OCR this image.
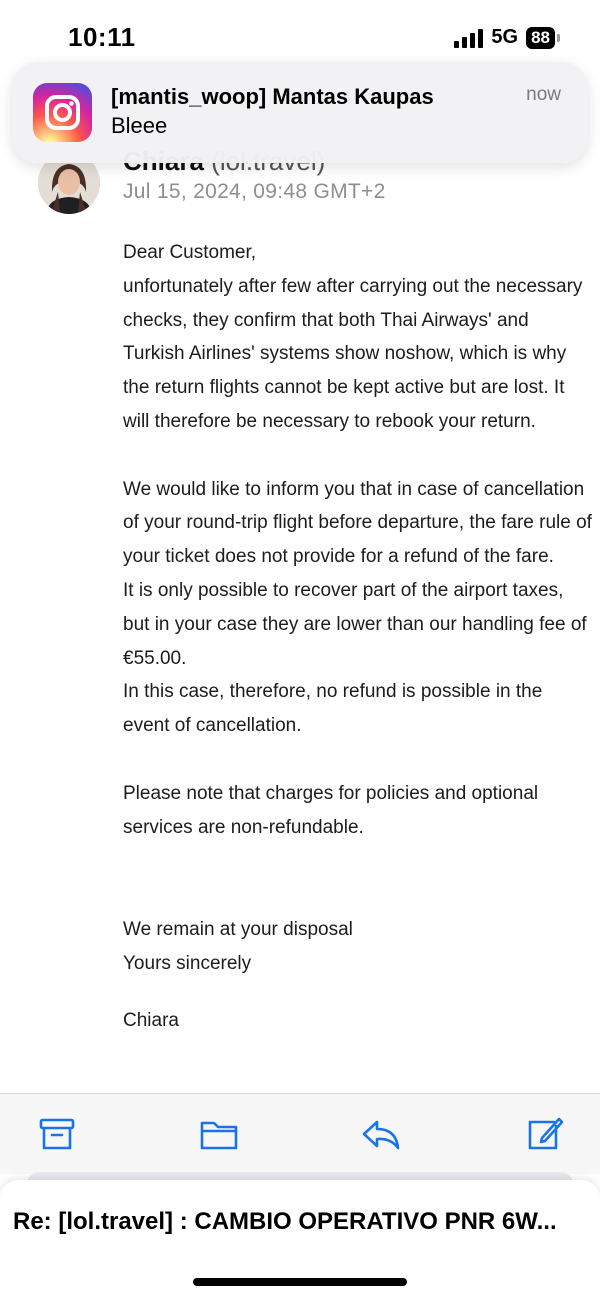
10:11	5G 88
Jul 15, 2024, 09:48 GMT+2
[mantis_woop] Mantas Kaupas
Bleee
now

Dear Customer,

unfortunately after few after carrying out the necessary checks, they confirm that both Thai Airways' and Turkish Airlines' systems show noshow, which is why the return flights cannot be kept active but are lost. It will therefore be necessary to rebook your return.

We would like to inform you that in case of cancellation of your round-trip flight before departure, the fare rule of your ticket does not provide for a refund of the fare.

It is only possible to recover part of the airport taxes, but in your case they are lower than our handling fee of €55.00.

In this case, therefore, no refund is possible in the event of cancellation.

Please note that charges for policies and optional services are non-refundable.

We remain at your disposal

Yours sincerely

Chiara

Re: [lol.travel] : CAMBIO OPERATIVO PNR 6W...
